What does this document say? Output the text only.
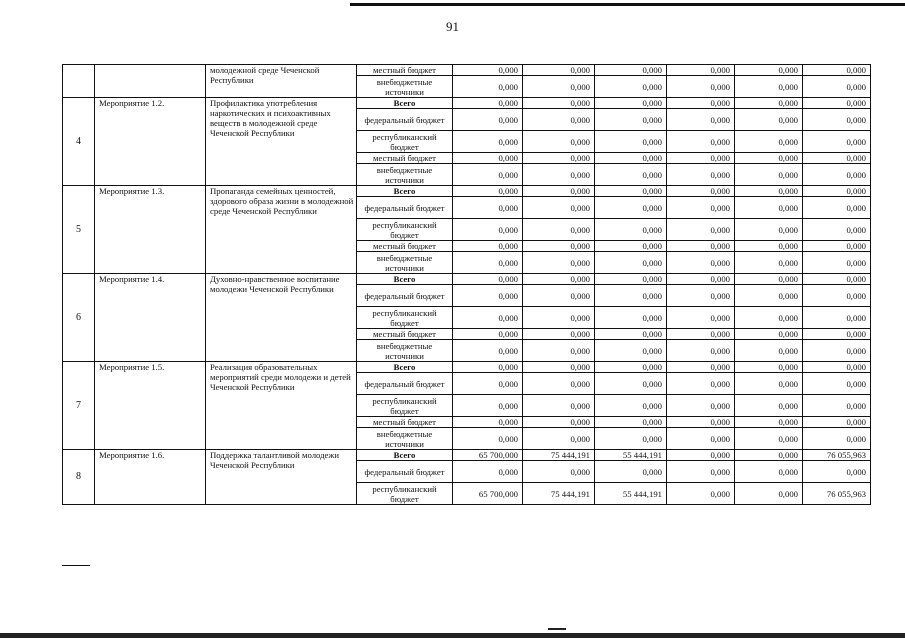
91
		молодежной среде Чеченской Республики	местный бюджет	0,000	0,000	0,000	0,000	0,000	0,000
			внебюджетные источники	0,000	0,000	0,000	0,000	0,000	0,000
4	Мероприятие 1.2.	Профилактика употребления наркотических и психоактивных веществ в молодежной среде Чеченской Республики	Всего	0,000	0,000	0,000	0,000	0,000	0,000
			федеральный бюджет	0,000	0,000	0,000	0,000	0,000	0,000
			республиканский бюджет	0,000	0,000	0,000	0,000	0,000	0,000
			местный бюджет	0,000	0,000	0,000	0,000	0,000	0,000
			внебюджетные источники	0,000	0,000	0,000	0,000	0,000	0,000
5	Мероприятие 1.3.	Пропаганда семейных ценностей, здорового образа жизни в молодежной среде Чеченской Республики	Всего	0,000	0,000	0,000	0,000	0,000	0,000
			федеральный бюджет	0,000	0,000	0,000	0,000	0,000	0,000
			республиканский бюджет	0,000	0,000	0,000	0,000	0,000	0,000
			местный бюджет	0,000	0,000	0,000	0,000	0,000	0,000
			внебюджетные источники	0,000	0,000	0,000	0,000	0,000	0,000
6	Мероприятие 1.4.	Духовно-нравственное воспитание молодежи Чеченской Республики	Всего	0,000	0,000	0,000	0,000	0,000	0,000
			федеральный бюджет	0,000	0,000	0,000	0,000	0,000	0,000
			республиканский бюджет	0,000	0,000	0,000	0,000	0,000	0,000
			местный бюджет	0,000	0,000	0,000	0,000	0,000	0,000
			внебюджетные источники	0,000	0,000	0,000	0,000	0,000	0,000
7	Мероприятие 1.5.	Реализация образовательных мероприятий среди молодежи и детей Чеченской Республики	Всего	0,000	0,000	0,000	0,000	0,000	0,000
			федеральный бюджет	0,000	0,000	0,000	0,000	0,000	0,000
			республиканский бюджет	0,000	0,000	0,000	0,000	0,000	0,000
			местный бюджет	0,000	0,000	0,000	0,000	0,000	0,000
			внебюджетные источники	0,000	0,000	0,000	0,000	0,000	0,000
8	Мероприятие 1.6.	Поддержка талантливой молодежи Чеченской Республики	Всего	65 700,000	75 444,191	55 444,191	0,000	0,000	76 055,963
			федеральный бюджет	0,000	0,000	0,000	0,000	0,000	0,000
			республиканский бюджет	65 700,000	75 444,191	55 444,191	0,000	0,000	76 055,963
